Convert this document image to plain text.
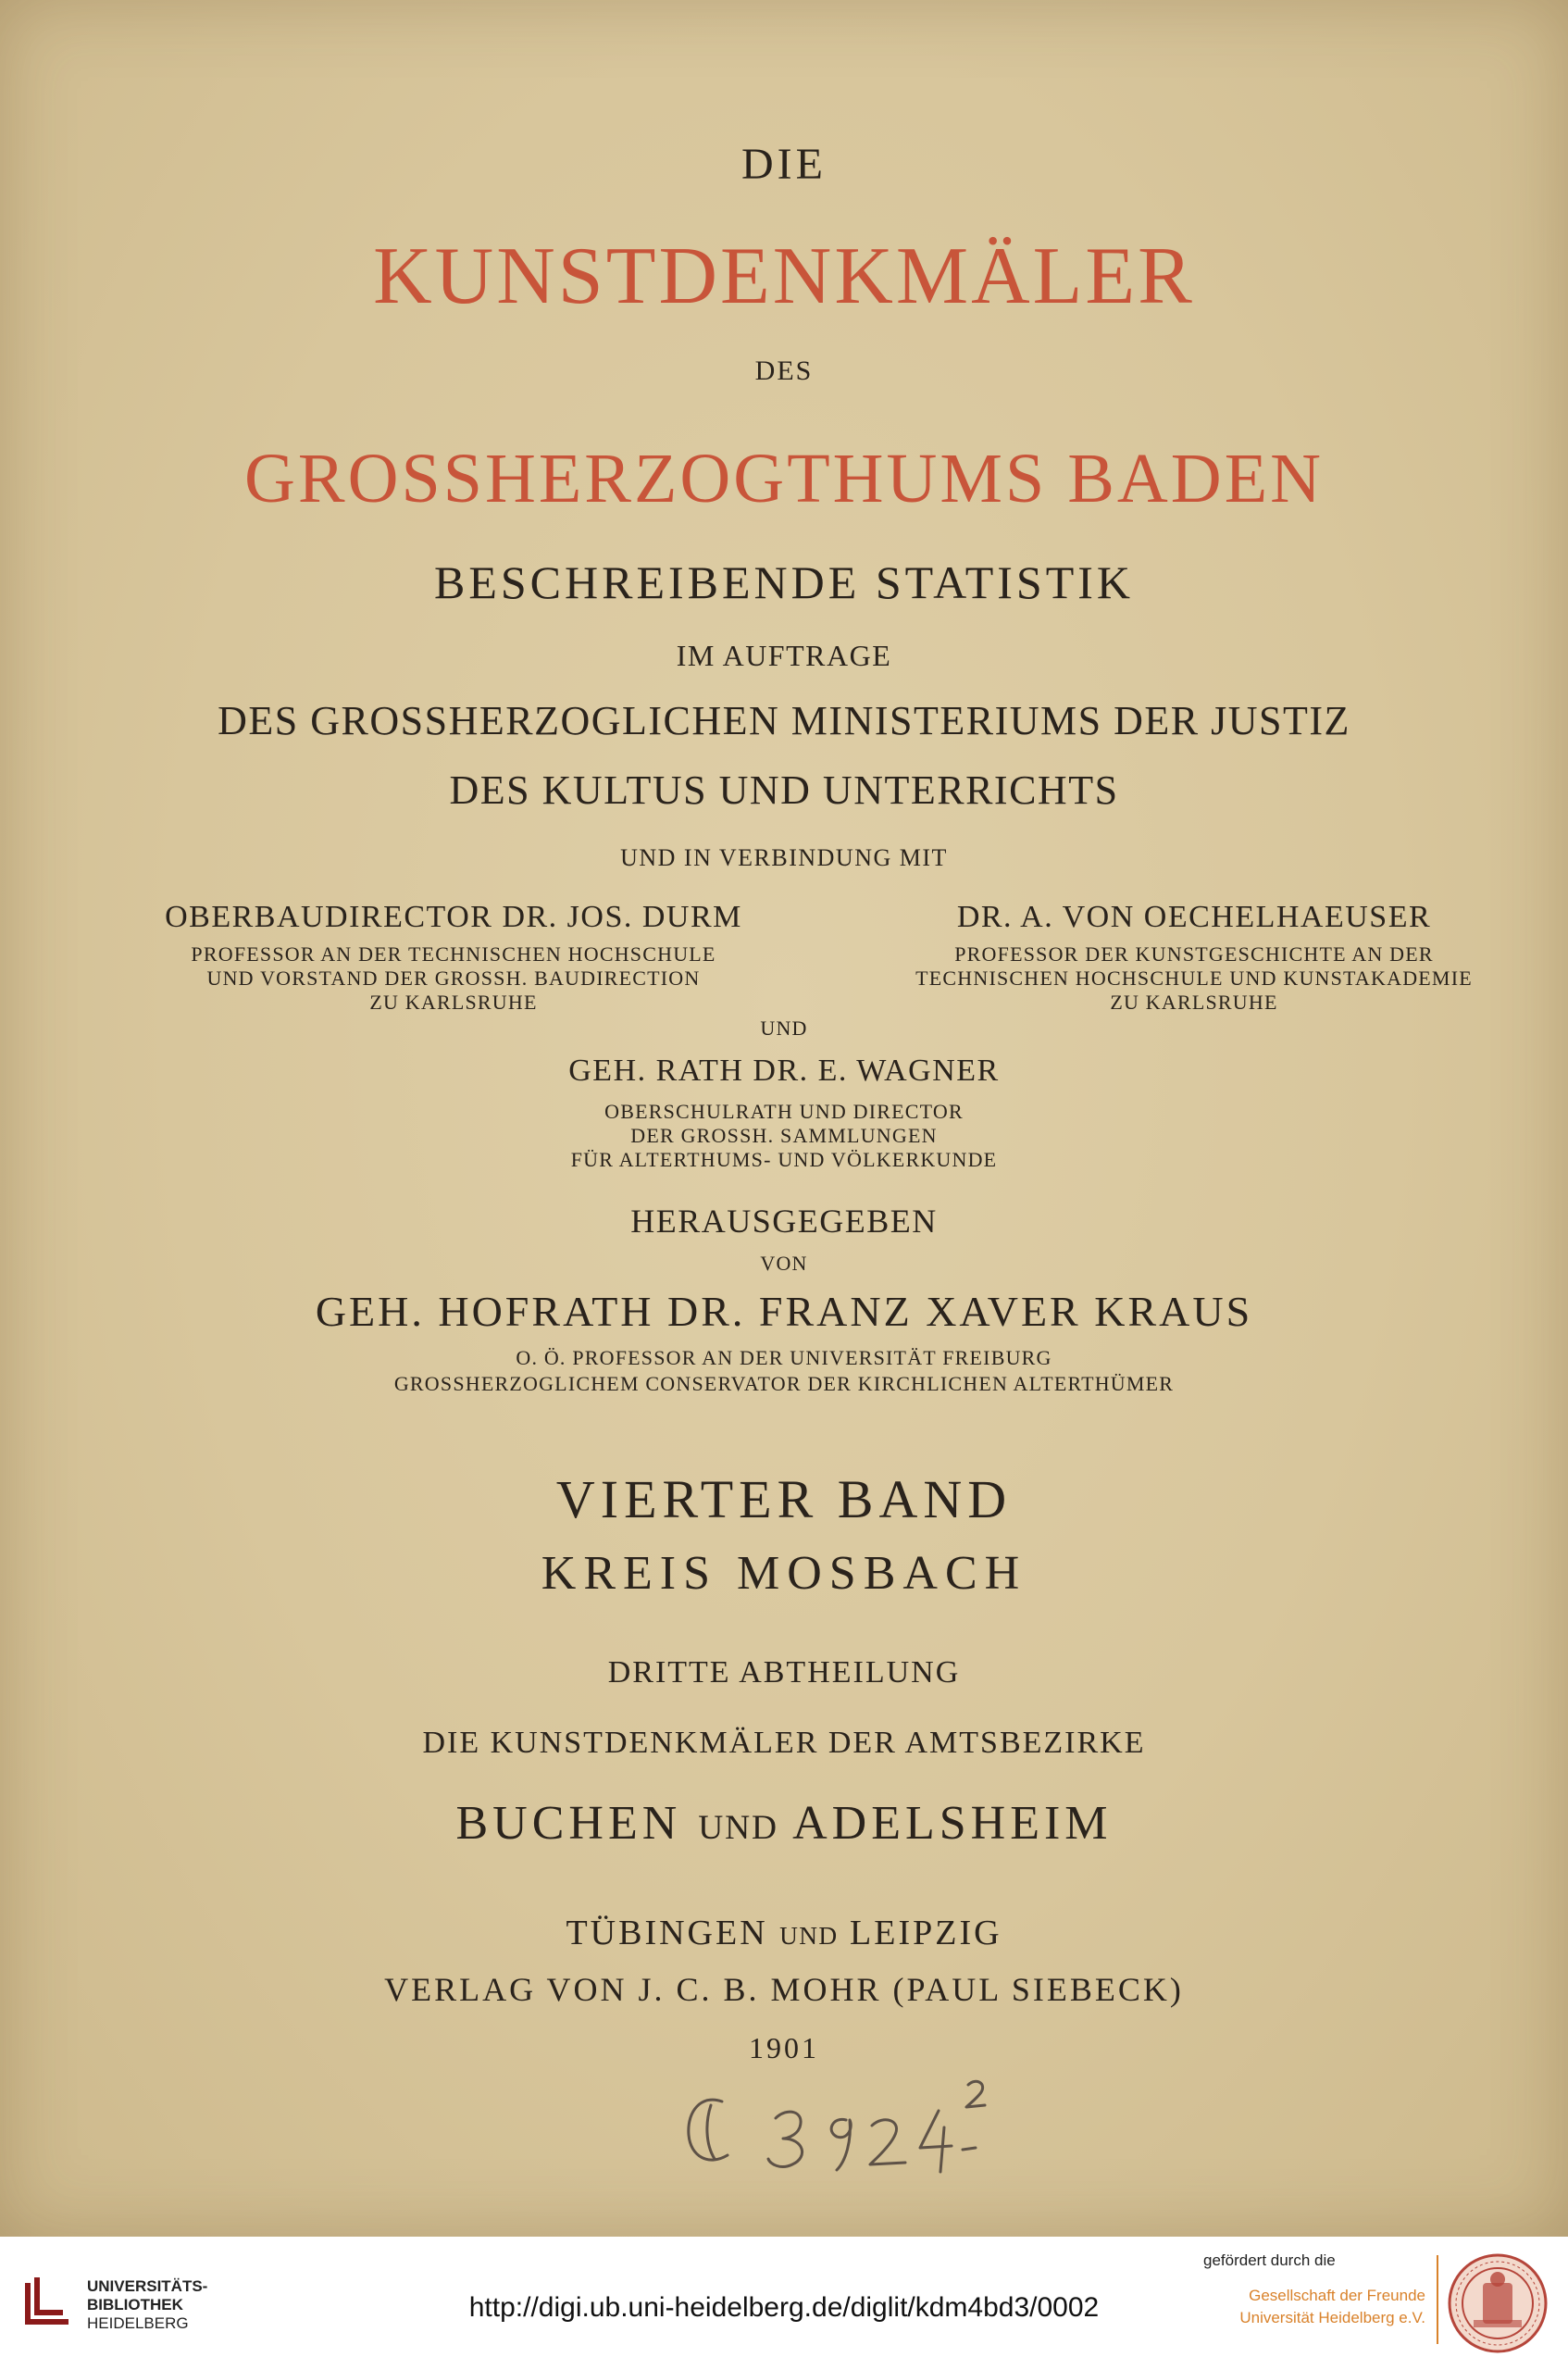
DIE
KUNSTDENKMÄLER
DES
GROSSHERZOGTHUMS BADEN
BESCHREIBENDE STATISTIK
IM AUFTRAGE
DES GROSSHERZOGLICHEN MINISTERIUMS DER JUSTIZ
DES KULTUS UND UNTERRICHTS
UND IN VERBINDUNG MIT
OBERBAUDIRECTOR DR. JOS. DURM
PROFESSOR AN DER TECHNISCHEN HOCHSCHULE
UND VORSTAND DER GROSSH. BAUDIRECTION
ZU KARLSRUHE
DR. A. VON OECHELHAEUSER
PROFESSOR DER KUNSTGESCHICHTE AN DER
TECHNISCHEN HOCHSCHULE UND KUNSTAKADEMIE
ZU KARLSRUHE
UND
GEH. RATH DR. E. WAGNER
OBERSCHULRATH UND DIRECTOR
DER GROSSH. SAMMLUNGEN
FÜR ALTERTHUMS- UND VÖLKERKUNDE
HERAUSGEGEBEN
VON
GEH. HOFRATH DR. FRANZ XAVER KRAUS
O. Ö. PROFESSOR AN DER UNIVERSITÄT FREIBURG
GROSSHERZOGLICHEM CONSERVATOR DER KIRCHLICHEN ALTERTHÜMER
VIERTER BAND
KREIS MOSBACH
DRITTE ABTHEILUNG
DIE KUNSTDENKMÄLER DER AMTSBEZIRKE
BUCHEN UND ADELSHEIM
TÜBINGEN UND LEIPZIG
VERLAG VON J. C. B. MOHR (PAUL SIEBECK)
1901
UNIVERSITÄTS-
BIBLIOTHEK
HEIDELBERG
http://digi.ub.uni-heidelberg.de/diglit/kdm4bd3/0002
gefördert durch die
Gesellschaft der Freunde
Universität Heidelberg e.V.
